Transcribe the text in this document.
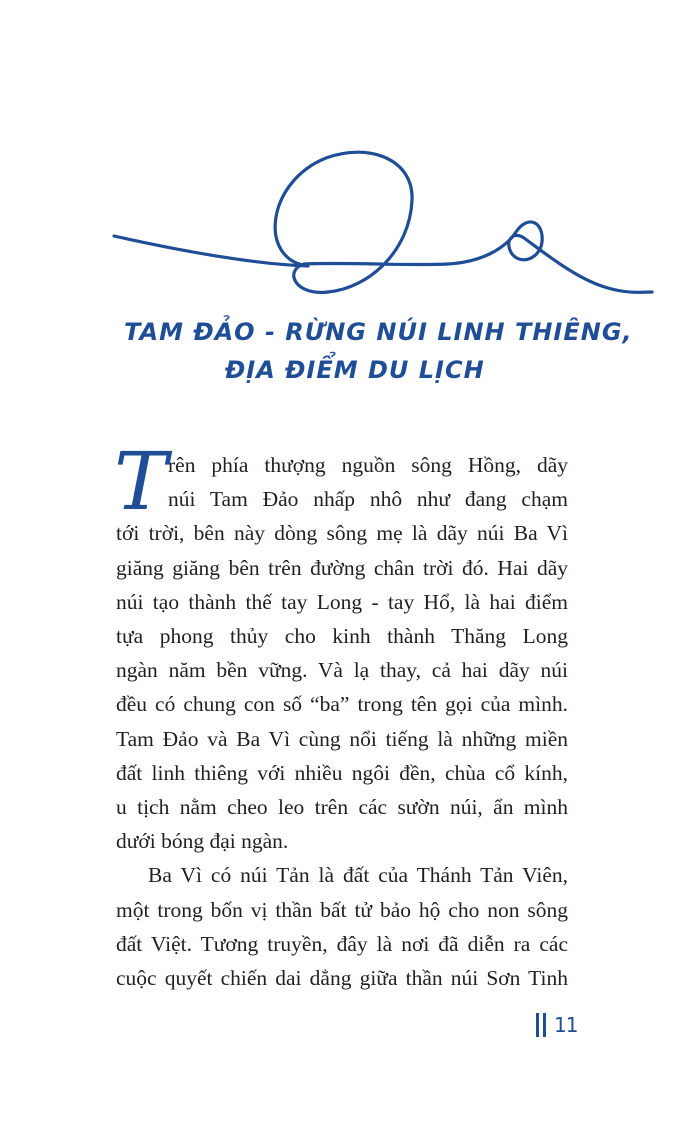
TAM ĐẢO - RỪNG NÚI LINH THIÊNG,
ĐỊA ĐIỂM DU LỊCH
T rên phía thượng nguồn sông Hồng, dãy
núi Tam Đảo nhấp nhô như đang chạm
tới trời, bên này dòng sông mẹ là dãy núi Ba Vì
giăng giăng bên trên đường chân trời đó. Hai dãy
núi tạo thành thế tay Long - tay Hổ, là hai điểm
tựa phong thủy cho kinh thành Thăng Long
ngàn năm bền vững. Và lạ thay, cả hai dãy núi
đều có chung con số “ba” trong tên gọi của mình.
Tam Đảo và Ba Vì cùng nổi tiếng là những miền
đất linh thiêng với nhiều ngôi đền, chùa cổ kính,
u tịch nằm cheo leo trên các sườn núi, ẩn mình
dưới bóng đại ngàn.
Ba Vì có núi Tản là đất của Thánh Tản Viên,
một trong bốn vị thần bất tử bảo hộ cho non sông
đất Việt. Tương truyền, đây là nơi đã diễn ra các
cuộc quyết chiến dai dẳng giữa thần núi Sơn Tinh
11
